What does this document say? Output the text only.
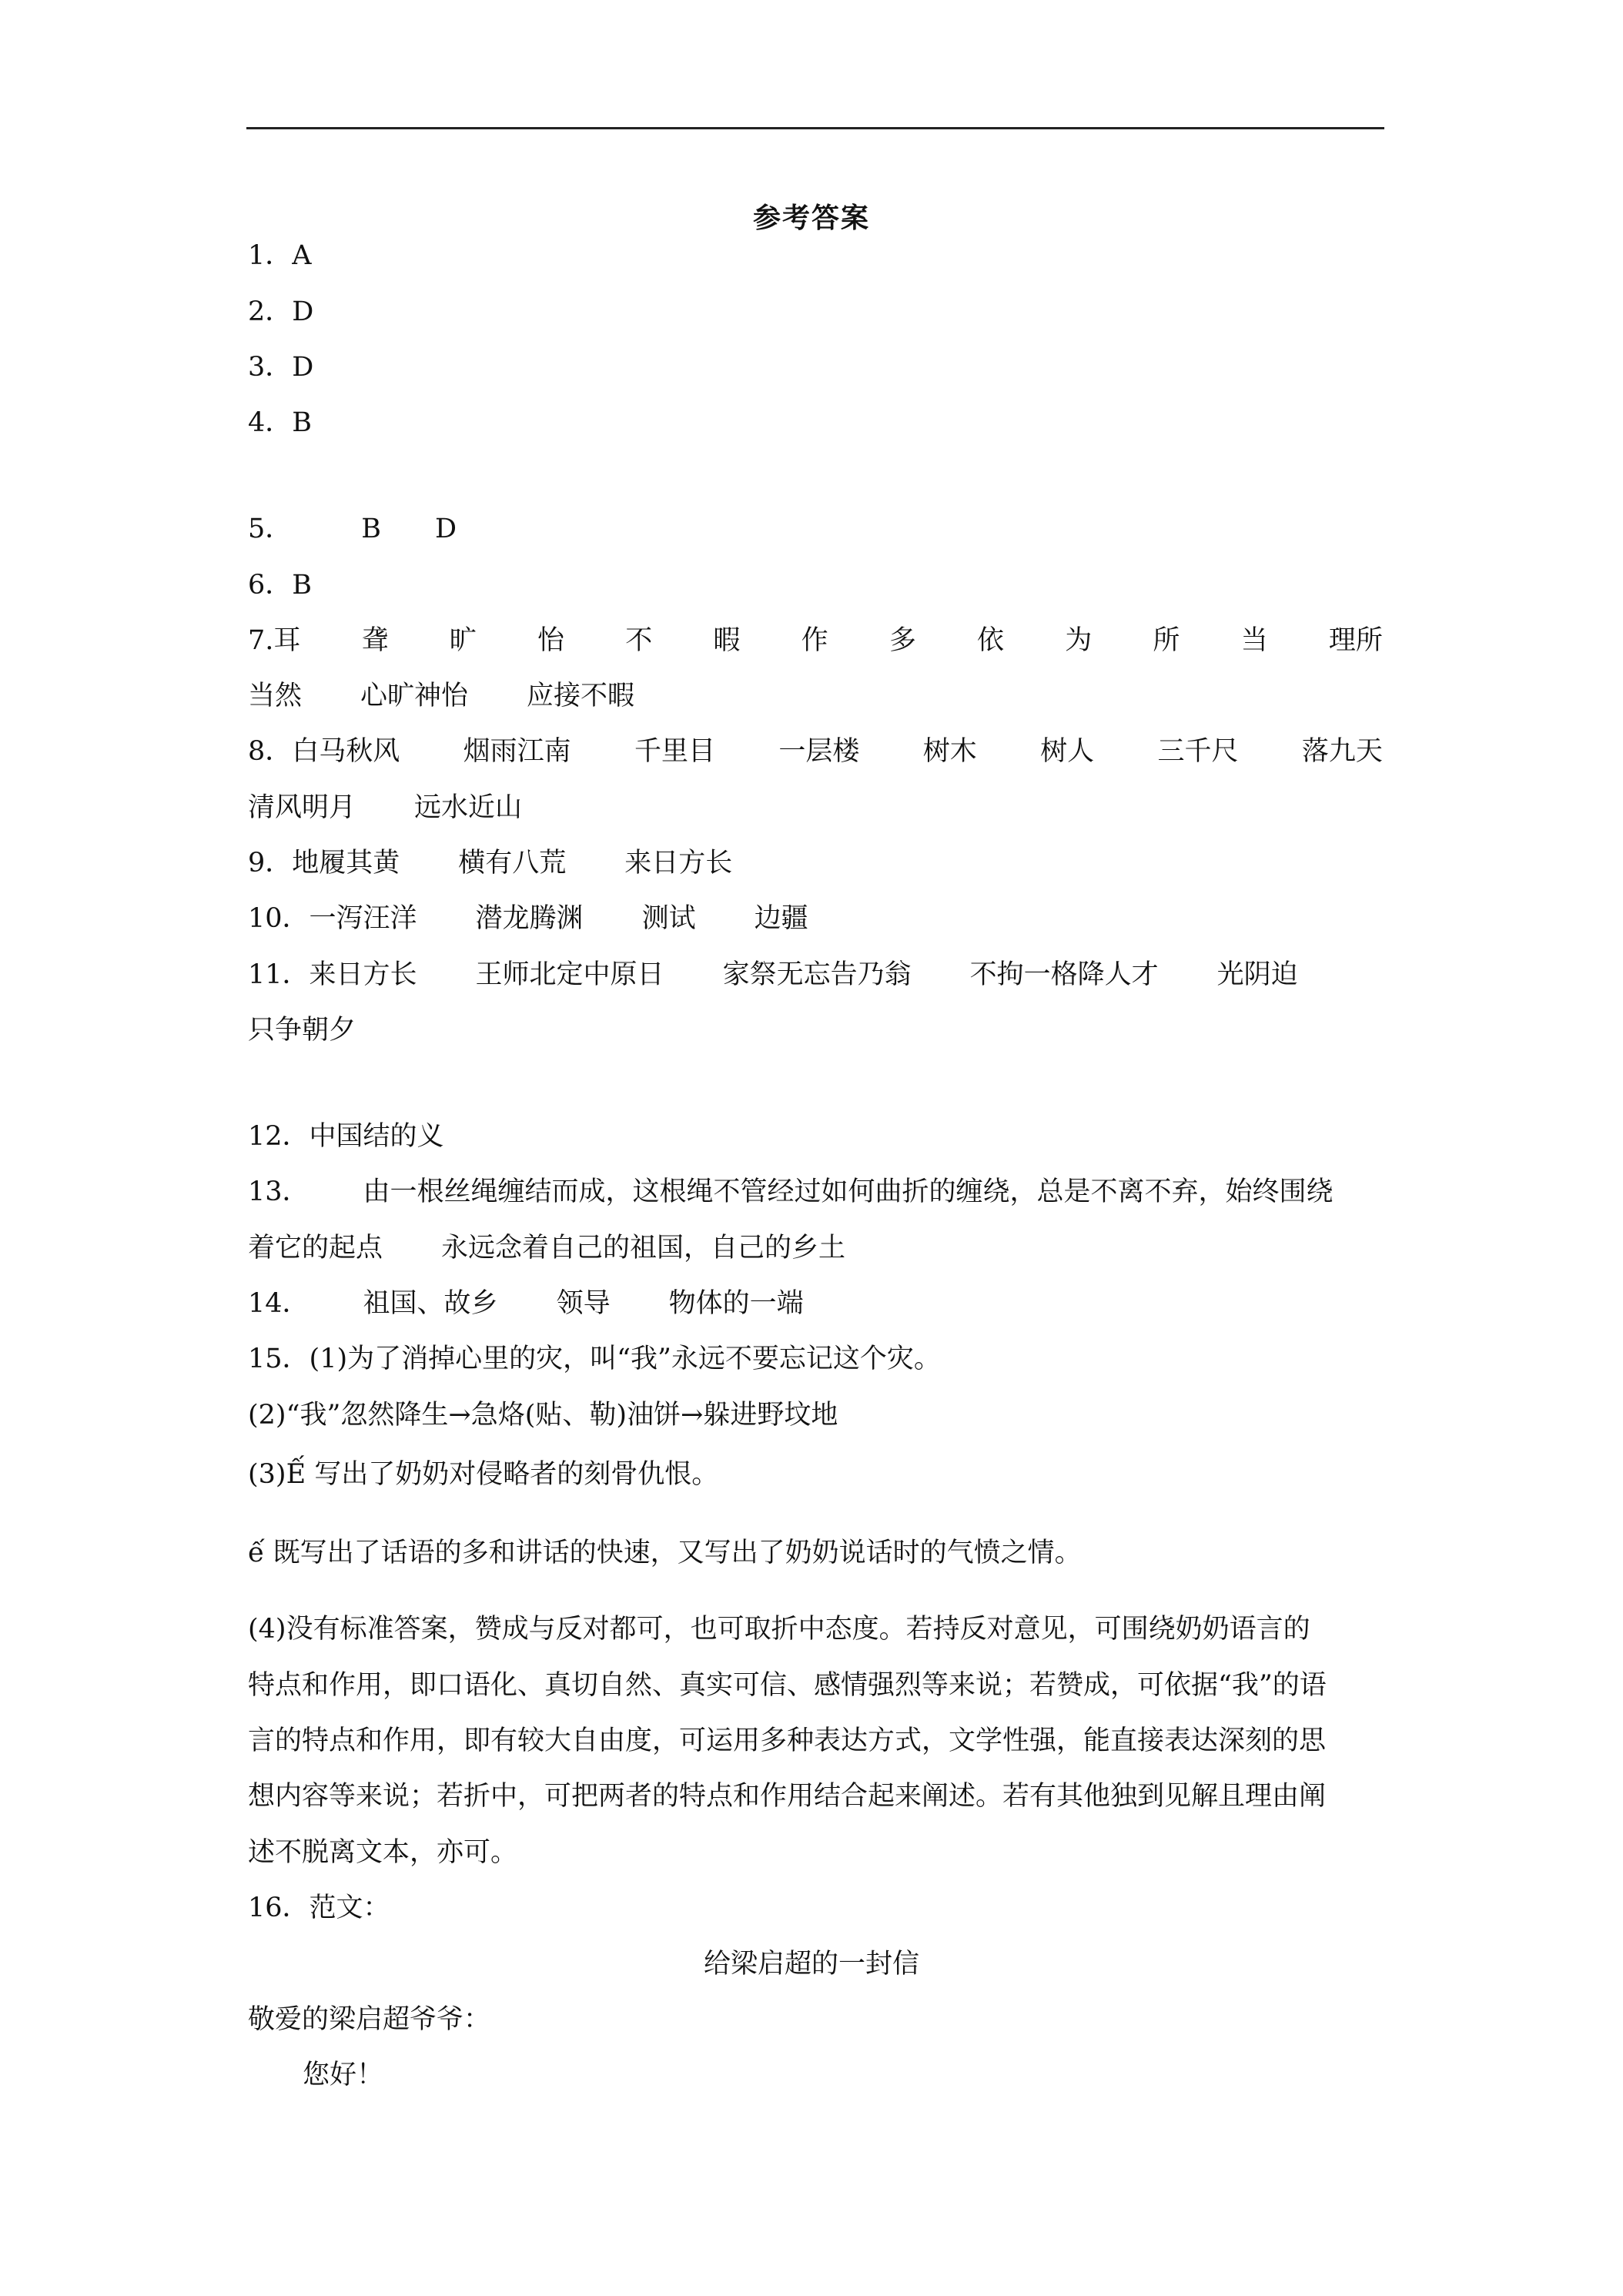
参考答案
1．A
2．D
3．D
4．B
5．	B D
6．B
7.耳 聋 旷 怡 不 暇 作 多 依 为 所 当 理所
当然 心旷神怡 应接不暇
8．白马秋风 烟雨江南 千里目 一层楼 树木 树人 三千尺 落九天
清风明月 远水近山
9．地履其黄 横有八荒 来日方长
10．一泻汪洋 潜龙腾渊 测试 边疆
11．来日方长 王师北定中原日 家祭无忘告乃翁 不拘一格降人才 光阴迫
只争朝夕
12．中国结的义
13． 由一根丝绳缠结而成，这根绳不管经过如何曲折的缠绕，总是不离不弃，始终围绕
着它的起点 永远念着自己的祖国，自己的乡土
14． 祖国、故乡 领导 物体的一端
15．(1)为了消掉心里的灾，叫“我”永远不要忘记这个灾。
(2)“我”忽然降生→急烙(贴、勒)油饼→躲进野坟地
(3)Ế 写出了奶奶对侵略者的刻骨仇恨。
ế 既写出了话语的多和讲话的快速，又写出了奶奶说话时的气愤之情。
(4)没有标准答案，赞成与反对都可，也可取折中态度。若持反对意见，可围绕奶奶语言的
特点和作用，即口语化、真切自然、真实可信、感情强烈等来说；若赞成，可依据“我”的语
言的特点和作用，即有较大自由度，可运用多种表达方式，文学性强，能直接表达深刻的思
想内容等来说；若折中，可把两者的特点和作用结合起来阐述。若有其他独到见解且理由阐
述不脱离文本，亦可。
16．范文：
给梁启超的一封信
敬爱的梁启超爷爷：
您好！
